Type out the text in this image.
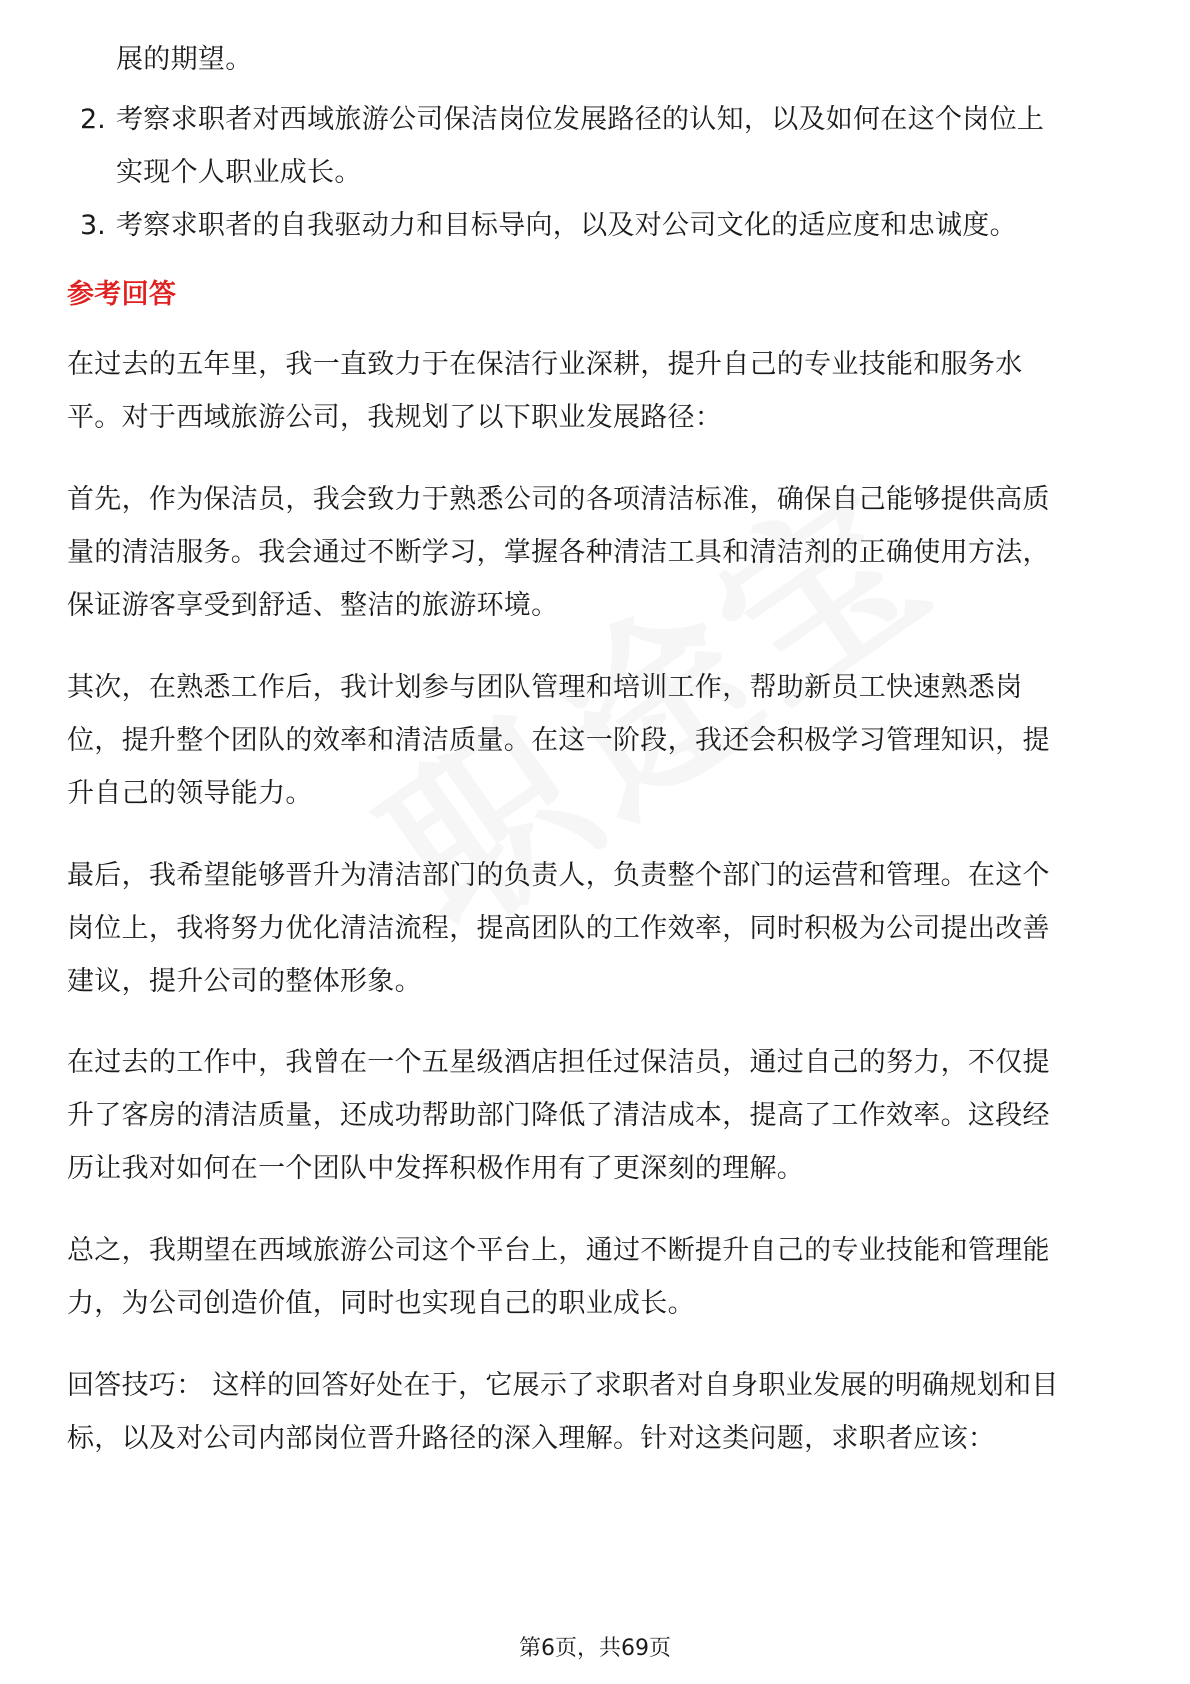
展的期望。
2. 考察求职者对西域旅游公司保洁岗位发展路径的认知，以及如何在这个岗位上
实现个人职业成长。
3. 考察求职者的自我驱动力和目标导向，以及对公司文化的适应度和忠诚度。
参考回答
在过去的五年里，我一直致力于在保洁行业深耕，提升自己的专业技能和服务水
平。对于西域旅游公司，我规划了以下职业发展路径：
首先，作为保洁员，我会致力于熟悉公司的各项清洁标准，确保自己能够提供高质
量的清洁服务。我会通过不断学习，掌握各种清洁工具和清洁剂的正确使用方法，
保证游客享受到舒适、整洁的旅游环境。
其次，在熟悉工作后，我计划参与团队管理和培训工作，帮助新员工快速熟悉岗
位，提升整个团队的效率和清洁质量。在这一阶段，我还会积极学习管理知识，提
升自己的领导能力。
最后，我希望能够晋升为清洁部门的负责人，负责整个部门的运营和管理。在这个
岗位上，我将努力优化清洁流程，提高团队的工作效率，同时积极为公司提出改善
建议，提升公司的整体形象。
在过去的工作中，我曾在一个五星级酒店担任过保洁员，通过自己的努力，不仅提
升了客房的清洁质量，还成功帮助部门降低了清洁成本，提高了工作效率。这段经
历让我对如何在一个团队中发挥积极作用有了更深刻的理解。
总之，我期望在西域旅游公司这个平台上，通过不断提升自己的专业技能和管理能
力，为公司创造价值，同时也实现自己的职业成长。
回答技巧： 这样的回答好处在于，它展示了求职者对自身职业发展的明确规划和目
标，以及对公司内部岗位晋升路径的深入理解。针对这类问题，求职者应该：
第6页，共69页
